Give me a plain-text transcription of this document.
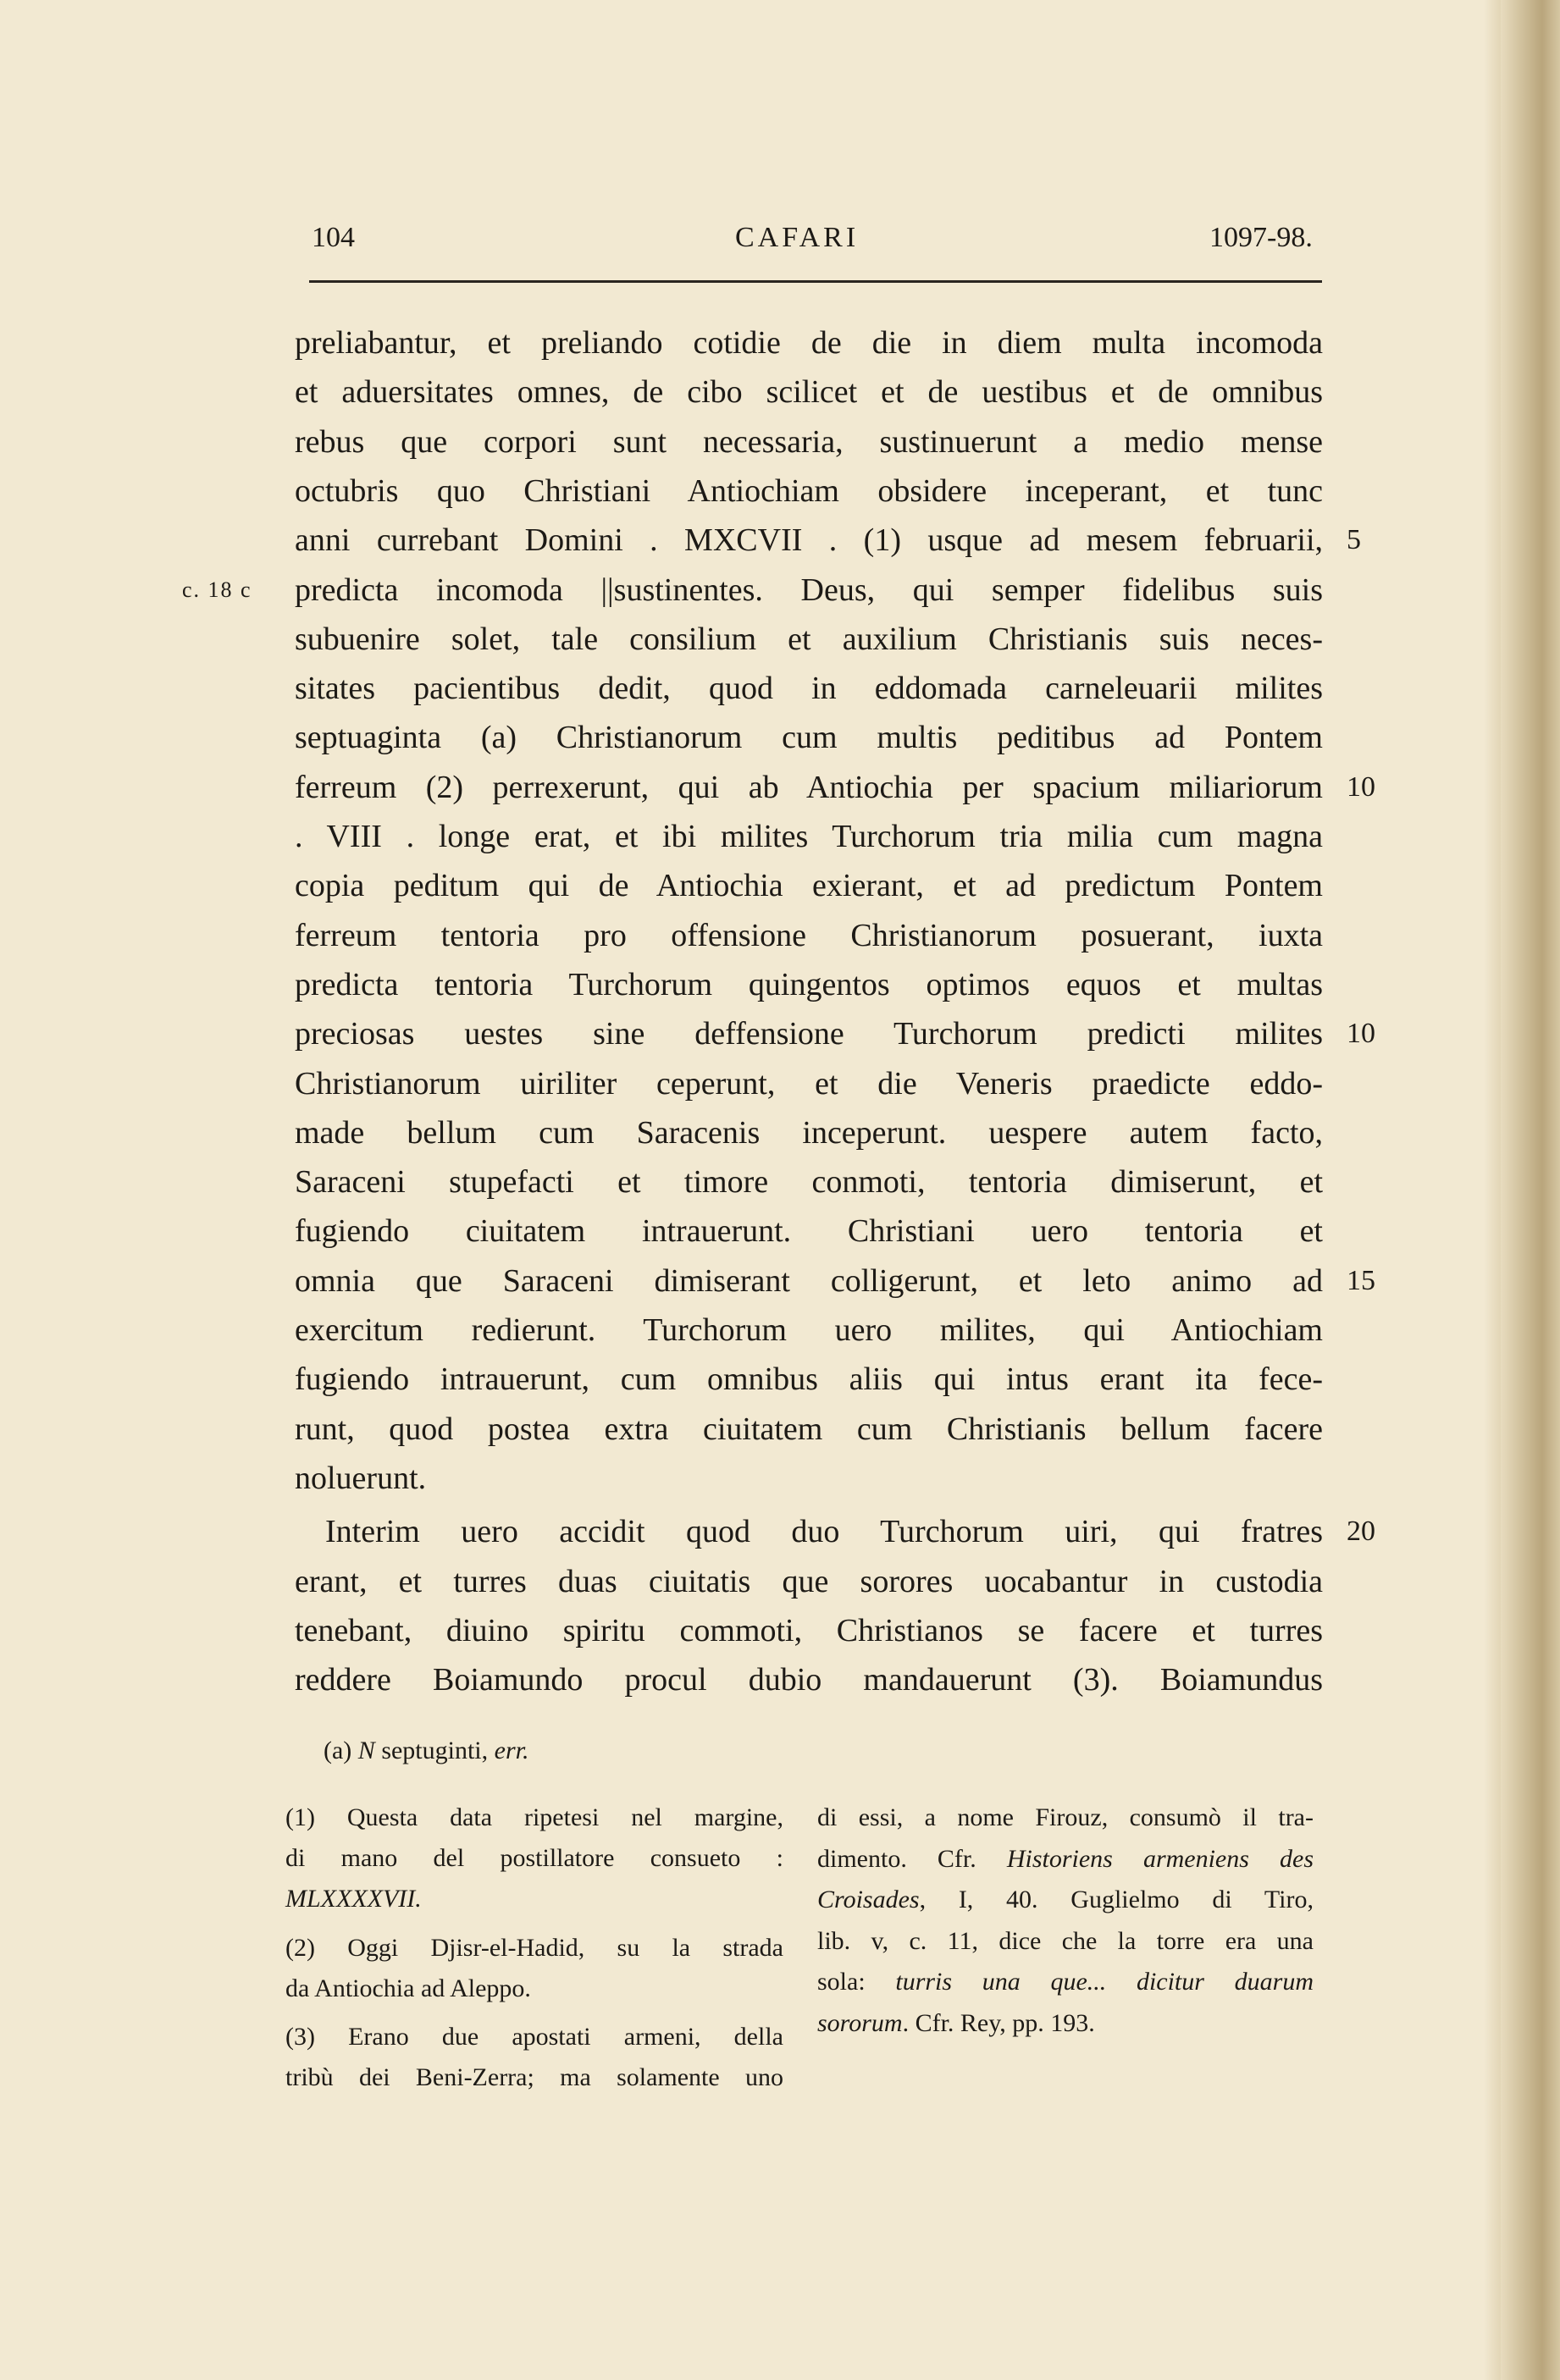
104	CAFARI	1097-98.
preliabantur, et preliando cotidie de die in diem multa incomoda
et aduersitates omnes, de cibo scilicet et de uestibus et de omnibus
rebus que corpori sunt necessaria, sustinuerunt a medio mense
octubris quo Christiani Antiochiam obsidere inceperant, et tunc
anni currebant Domini . MXCVII . (1) usque ad mesem februarii, 5
predicta incomoda ||sustinentes. Deus, qui semper fidelibus suis
c. 18 c
subuenire solet, tale consilium et auxilium Christianis suis neces-
sitates pacientibus dedit, quod in eddomada carneleuarii milites
septuaginta (a) Christianorum cum multis peditibus ad Pontem
ferreum (2) perrexerunt, qui ab Antiochia per spacium miliariorum 10
. VIII . longe erat, et ibi milites Turchorum tria milia cum magna
copia peditum qui de Antiochia exierant, et ad predictum Pontem
ferreum tentoria pro offensione Christianorum posuerant, iuxta
predicta tentoria Turchorum quingentos optimos equos et multas
preciosas uestes sine deffensione Turchorum predicti milites 10
Christianorum uiriliter ceperunt, et die Veneris praedicte eddo-
made bellum cum Saracenis inceperunt. uespere autem facto,
Saraceni stupefacti et timore conmoti, tentoria dimiserunt, et
fugiendo ciuitatem intrauerunt. Christiani uero tentoria et
omnia que Saraceni dimiserant colligerunt, et leto animo ad 15
exercitum redierunt. Turchorum uero milites, qui Antiochiam
fugiendo intrauerunt, cum omnibus aliis qui intus erant ita fece-
runt, quod postea extra ciuitatem cum Christianis bellum facere
noluerunt.
Interim uero accidit quod duo Turchorum uiri, qui fratres 20
erant, et turres duas ciuitatis que sorores uocabantur in custodia
tenebant, diuino spiritu commoti, Christianos se facere et turres
reddere Boiamundo procul dubio mandauerunt (3). Boiamundus
(a) N septuginti, err.
(1) Questa data ripetesi nel margine,
di mano del postillatore consueto :
MLXXXXVII.
(2) Oggi Djisr-el-Hadid, su la strada
da Antiochia ad Aleppo.
(3) Erano due apostati armeni, della
tribù dei Beni-Zerra; ma solamente uno
di essi, a nome Firouz, consumò il tra-
dimento. Cfr. Historiens armeniens des
Croisades, I, 40. Guglielmo di Tiro,
lib. v, c. 11, dice che la torre era una
sola: turris una que... dicitur duarum
sororum. Cfr. Rey, pp. 193.
